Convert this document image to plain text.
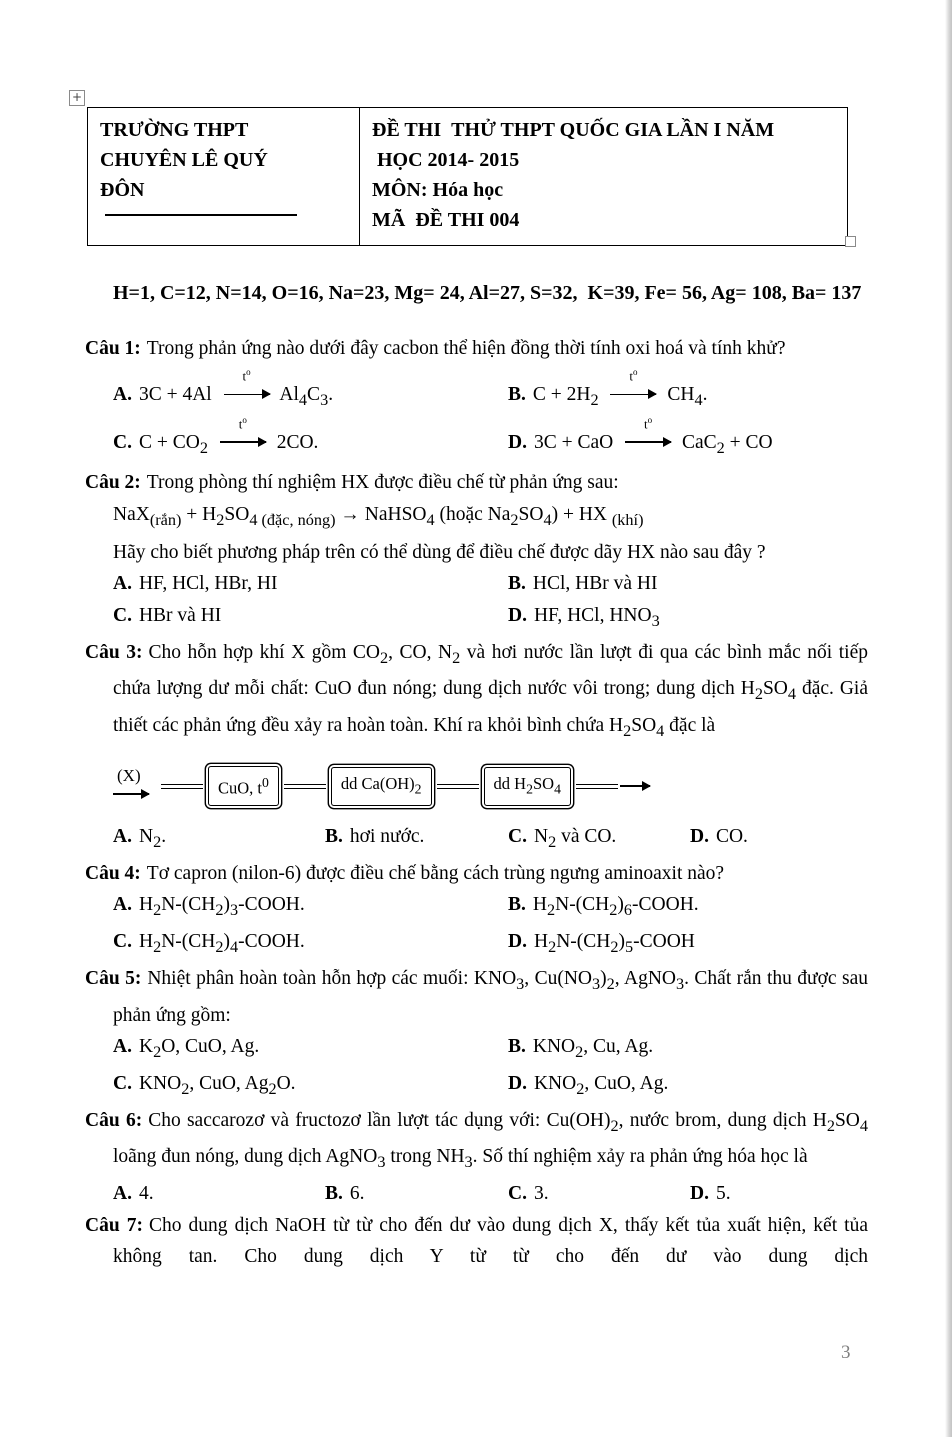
+
TRƯỜNG THPT
CHUYÊN LÊ QUÝ
ĐÔN

ĐỀ THI  THỬ THPT QUỐC GIA LẦN I NĂM
HỌC 2014- 2015
MÔN: Hóa học
MÃ  ĐỀ THI 004

H=1, C=12, N=14, O=16, Na=23, Mg= 24, Al=27, S=32,  K=39, Fe= 56, Ag= 108, Ba= 137

Câu 1: Trong phản ứng nào dưới đây cacbon thể hiện đồng thời tính oxi hoá và tính khử?

A. 3C + 4Al
$t^o$
$Al_4C_3$.	B. $C + 2H_2$
$t^o$
$CH_4$.
C. $C + CO_2$
$t^o$
2CO.	D. 3C + CaO
$t^o$
CaC$_2$ + CO

Câu 2: Trong phòng thí nghiệm HX được điều chế từ phản ứng sau:

$NaX_{(rắn)} + H_2SO_{4 (đặc, nóng)}$ → NaHSO$_4$ (hoặc $Na_2SO_4$) + HX $_{(khí)}$

Hãy cho biết phương pháp trên có thể dùng để điều chế được dãy HX nào sau đây ?

A. HF, HCl, HBr, HI	B. HCl, HBr và HI
C. HBr và HI	D. HF, HCl, $HNO_3$

Câu 3: Cho hỗn hợp khí X gồm $CO_2$, CO, $N_2$ và hơi nước lần lượt đi qua các bình mắc nối tiếp chứa lượng dư mỗi chất: CuO đun nóng; dung dịch nước vôi trong; dung dịch $H_2SO_4$ đặc. Giả thiết các phản ứng đều xảy ra hoàn toàn. Khí ra khỏi bình chứa $H_2SO_4$ đặc là

(X)
CuO, $t^0$	dd $Ca(OH)_2$	dd $H_2SO_4$
A. $N_2$.	B. hơi nước.	C. $N_2$ và CO.	D. CO.

Câu 4: Tơ capron (nilon-6) được điều chế bằng cách trùng ngưng aminoaxit nào?

A. $H_2N-(CH_2)_3$-COOH.	B. $H_2N-(CH_2)_6$-COOH.
C. $H_2N-(CH_2)_4$-COOH.	D. $H_2N-(CH_2)_5$-COOH

Câu 5: Nhiệt phân hoàn toàn hỗn hợp các muối: $KNO_3$, $Cu(NO_3)_2$, AgNO$_3$. Chất rắn thu được sau phản ứng gồm:

A. $K_2O$, CuO, Ag.	B. $KNO_2$, Cu, Ag.
C. $KNO_2$, CuO, $Ag_2O$.	D. $KNO_2$, CuO, Ag.

Câu 6: Cho saccarozơ và fructozơ lần lượt tác dụng với: $Cu(OH)_2$, nước brom, dung dịch $H_2SO_4$ loãng đun nóng, dung dịch AgNO$_3$ trong $NH_3$. Số thí nghiệm xảy ra phản ứng hóa học là

A. 4.	B. 6.	C. 3.	D. 5.

Câu 7: Cho dung dịch NaOH từ từ cho đến dư vào dung dịch X, thấy kết tủa xuất hiện, kết tủa không tan. Cho dung dịch Y từ từ cho đến dư vào dung dịch

3
